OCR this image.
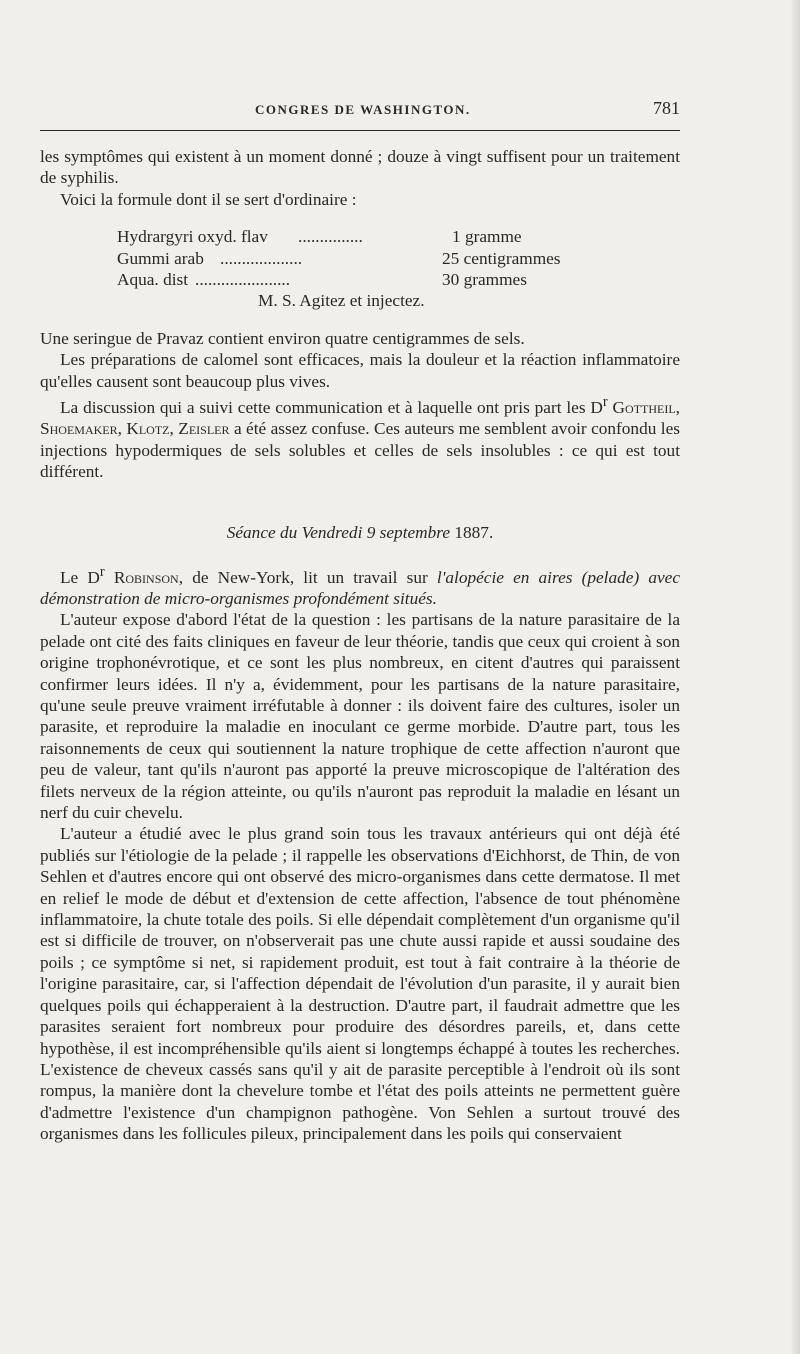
CONGRES DE WASHINGTON.	781

les symptômes qui existent à un moment donné ; douze à vingt suffisent pour un traitement de syphilis.

Voici la formule dont il se sert d'ordinaire :

Hydrargyri oxyd. flav ...............	1 gramme
Gummi arab ...................	25 centigrammes
Aqua. dist ......................	30 grammes
M. S. Agitez et injectez.

Une seringue de Pravaz contient environ quatre centigrammes de sels.

Les préparations de calomel sont efficaces, mais la douleur et la réaction inflammatoire qu'elles causent sont beaucoup plus vives.

La discussion qui a suivi cette communication et à laquelle ont pris part les $D^r$ Gottheil, Shoemaker, Klotz, Zeisler a été assez confuse. Ces auteurs me semblent avoir confondu les injections hypodermiques de sels solubles et celles de sels insolubles : ce qui est tout différent.

Séance du Vendredi 9 septembre 1887.

Le $D^r$ Robinson, de New-York, lit un travail sur l'alopécie en aires (pelade) avec démonstration de micro-organismes profondément situés.

L'auteur expose d'abord l'état de la question : les partisans de la nature parasitaire de la pelade ont cité des faits cliniques en faveur de leur théorie, tandis que ceux qui croient à son origine trophonévrotique, et ce sont les plus nombreux, en citent d'autres qui paraissent confirmer leurs idées. Il n'y a, évidemment, pour les partisans de la nature parasitaire, qu'une seule preuve vraiment irréfutable à donner : ils doivent faire des cultures, isoler un parasite, et reproduire la maladie en inoculant ce germe morbide. D'autre part, tous les raisonnements de ceux qui soutiennent la nature trophique de cette affection n'auront que peu de valeur, tant qu'ils n'auront pas apporté la preuve microscopique de l'altération des filets nerveux de la région atteinte, ou qu'ils n'auront pas reproduit la maladie en lésant un nerf du cuir chevelu.

L'auteur a étudié avec le plus grand soin tous les travaux antérieurs qui ont déjà été publiés sur l'étiologie de la pelade ; il rappelle les observations d'Eichhorst, de Thin, de von Sehlen et d'autres encore qui ont observé des micro-organismes dans cette dermatose. Il met en relief le mode de début et d'extension de cette affection, l'absence de tout phénomène inflammatoire, la chute totale des poils. Si elle dépendait complètement d'un organisme qu'il est si difficile de trouver, on n'observerait pas une chute aussi rapide et aussi soudaine des poils ; ce symptôme si net, si rapidement produit, est tout à fait contraire à la théorie de l'origine parasitaire, car, si l'affection dépendait de l'évolution d'un parasite, il y aurait bien quelques poils qui échapperaient à la destruction. D'autre part, il faudrait admettre que les parasites seraient fort nombreux pour produire des désordres pareils, et, dans cette hypothèse, il est incompréhensible qu'ils aient si longtemps échappé à toutes les recherches. L'existence de cheveux cassés sans qu'il y ait de parasite perceptible à l'endroit où ils sont rompus, la manière dont la chevelure tombe et l'état des poils atteints ne permettent guère d'admettre l'existence d'un champignon pathogène. Von Sehlen a surtout trouvé des organismes dans les follicules pileux, principalement dans les poils qui conservaient
